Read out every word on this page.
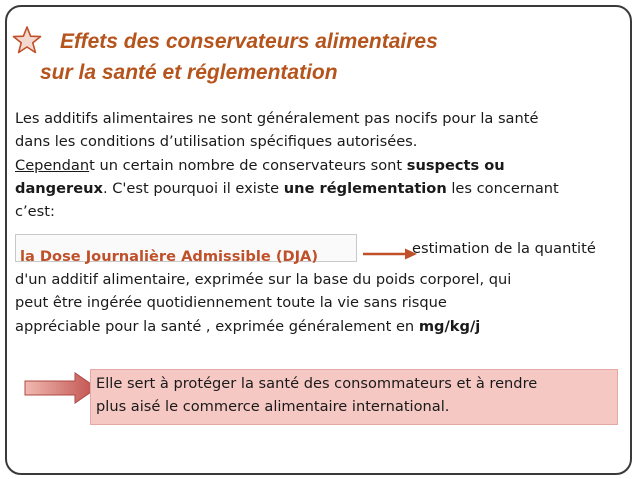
Effets des conservateurs alimentaires
sur la santé et réglementation

Les additifs alimentaires ne sont généralement pas nocifs pour la santé

dans les conditions d’utilisation spécifiques autorisées.

Cependant un certain nombre de conservateurs sont suspects ou

dangereux. C'est pourquoi il existe une réglementation les concernant

c’est:

la Dose Journalière Admissible (DJA)	estimation de la quantité

d'un additif alimentaire, exprimée sur la base du poids corporel, qui

peut être ingérée quotidiennement toute la vie sans risque

appréciable pour la santé , exprimée généralement en mg/kg/j

Elle sert à protéger la santé des consommateurs et à rendre

plus aisé le commerce alimentaire international.
